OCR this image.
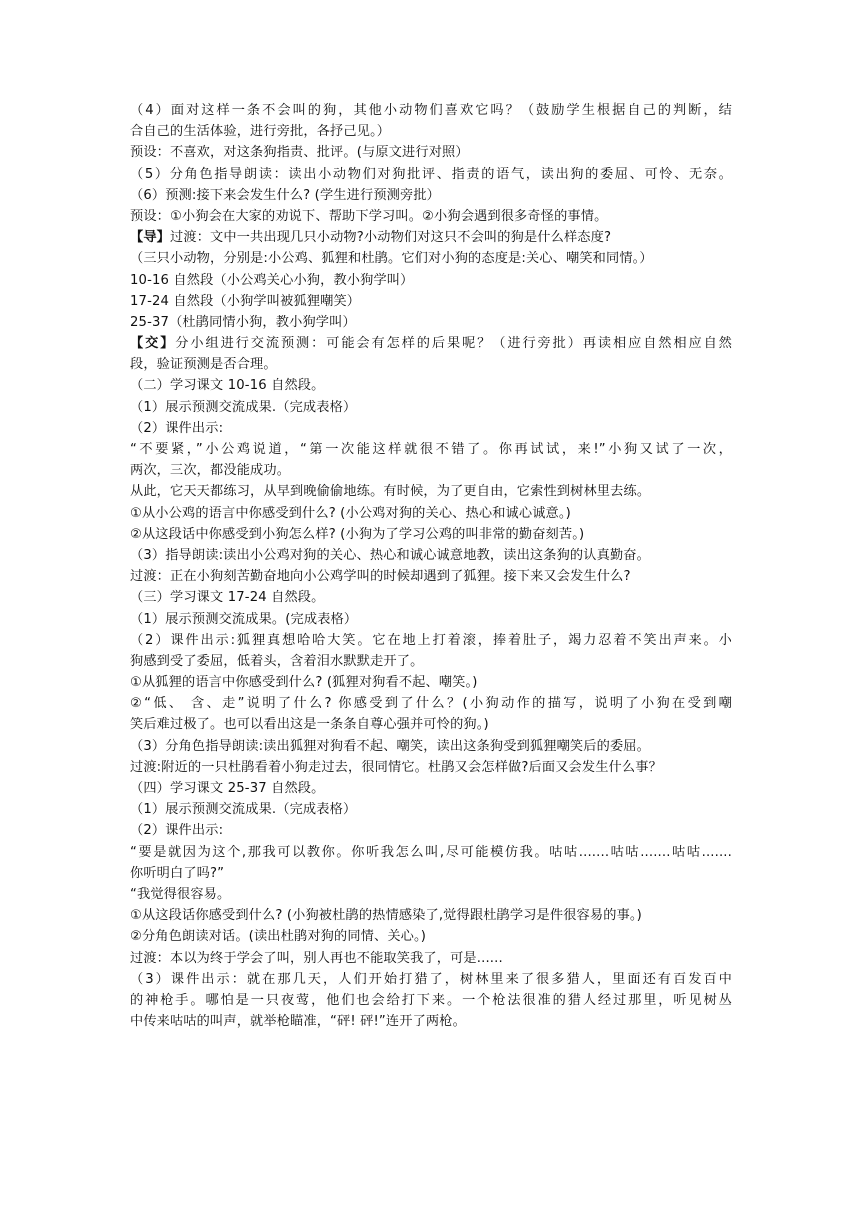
（4）面对这样一条不会叫的狗，其他小动物们喜欢它吗？（鼓励学生根据自己的判断，结
合自己的生活体验，进行旁批，各抒己见。）
预设：不喜欢，对这条狗指责、批评。(与原文进行对照）
（5）分角色指导朗读：读出小动物们对狗批评、指责的语气，读出狗的委屈、可怜、无奈。
（6）预测:接下来会发生什么? (学生进行预测旁批）
预设：①小狗会在大家的劝说下、帮助下学习叫。②小狗会遇到很多奇怪的事情。
【导】过渡：文中一共出现几只小动物?小动物们对这只不会叫的狗是什么样态度?
（三只小动物，分别是:小公鸡、狐狸和杜鹃。它们对小狗的态度是:关心、嘲笑和同情。）
10-16 自然段（小公鸡关心小狗，教小狗学叫）
17-24 自然段（小狗学叫被狐狸嘲笑）
25-37（杜鹃同情小狗，教小狗学叫）
【交】分小组进行交流预测：可能会有怎样的后果呢？（进行旁批）再读相应自然相应自然
段，验证预测是否合理。
（二）学习课文 10-16 自然段。
（1）展示预测交流成果.（完成表格）
（2）课件出示:
“不要紧，”小公鸡说道，“第一次能这样就很不错了。你再试试，来!”小狗又试了一次，
两次，三次，都没能成功。
从此，它天天都练习，从早到晚偷偷地练。有时候，为了更自由，它索性到树林里去练。
①从小公鸡的语言中你感受到什么? (小公鸡对狗的关心、热心和诚心诚意。)
②从这段话中你感受到小狗怎么样? (小狗为了学习公鸡的叫非常的勤奋刻苦。)
（3）指导朗读:读出小公鸡对狗的关心、热心和诚心诚意地教，读出这条狗的认真勤奋。
过渡：正在小狗刻苦勤奋地向小公鸡学叫的时候却遇到了狐狸。接下来又会发生什么?
（三）学习课文 17-24 自然段。
（1）展示预测交流成果。(完成表格）
（2）课件出示:狐狸真想哈哈大笑。它在地上打着滚，捧着肚子，竭力忍着不笑出声来。小
狗感到受了委屈，低着头，含着泪水默默走开了。
①从狐狸的语言中你感受到什么? (狐狸对狗看不起、嘲笑。)
②“低、 含、走”说明了什么? 你感受到了什么？(小狗动作的描写，说明了小狗在受到嘲
笑后难过极了。也可以看出这是一条条自尊心强并可怜的狗。)
（3）分角色指导朗读:读出狐狸对狗看不起、嘲笑，读出这条狗受到狐狸嘲笑后的委屈。
过渡:附近的一只杜鹃看着小狗走过去，很同情它。杜鹃又会怎样做?后面又会发生什么事？
（四）学习课文 25-37 自然段。
（1）展示预测交流成果.（完成表格）
（2）课件出示:
“要是就因为这个,那我可以教你。你听我怎么叫,尽可能模仿我。咕咕.......咕咕.......咕咕.......
你听明白了吗?”
“我觉得很容易。
①从这段话你感受到什么? (小狗被杜鹃的热情感染了,觉得跟杜鹃学习是件很容易的事。)
②分角色朗读对话。(读出杜鹃对狗的同情、关心。)
过渡：本以为终于学会了叫，别人再也不能取笑我了，可是......
（3）课件出示：就在那几天，人们开始打猎了，树林里来了很多猎人，里面还有百发百中
的神枪手。哪怕是一只夜莺，他们也会给打下来。一个枪法很准的猎人经过那里，听见树丛
中传来咕咕的叫声，就举枪瞄准，“砰! 砰!”连开了两枪。
